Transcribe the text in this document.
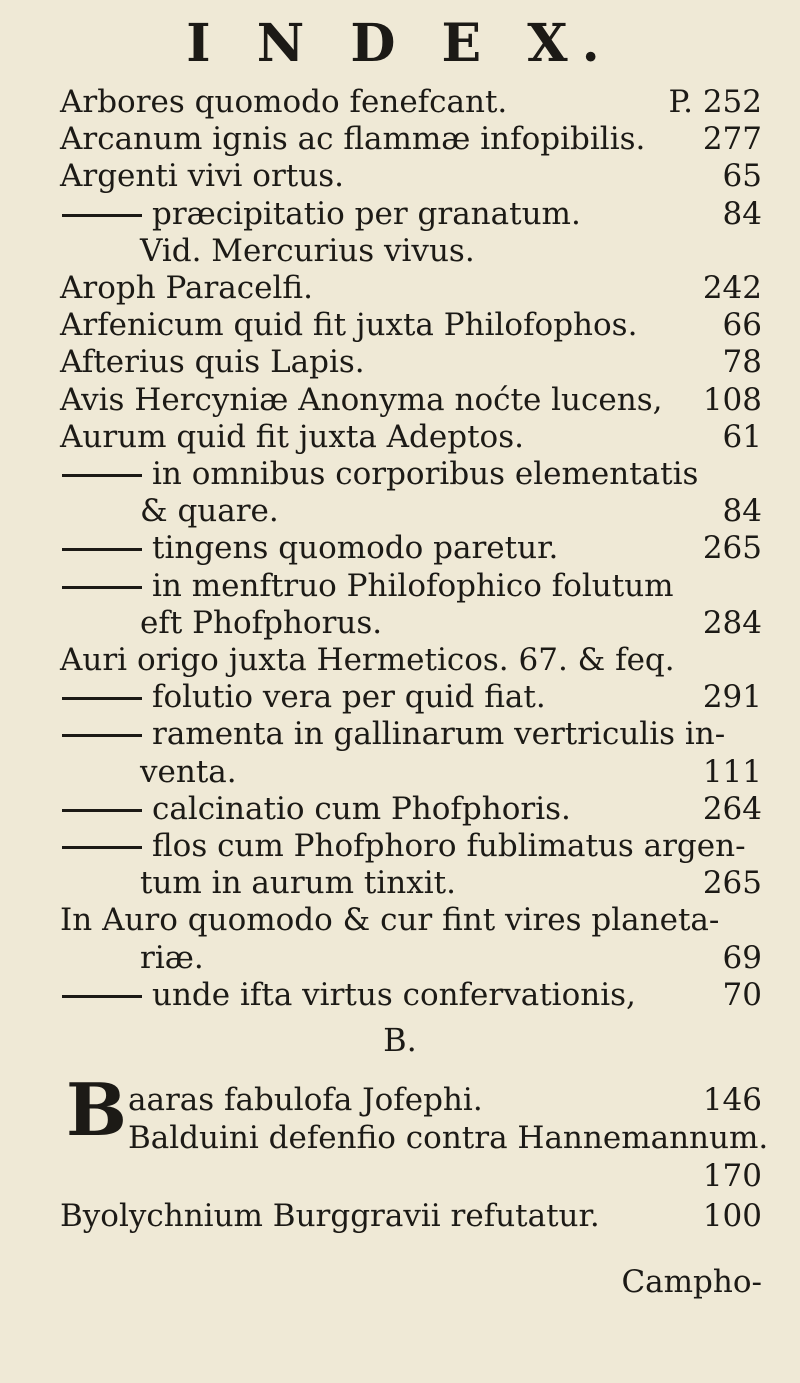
I N D E X.
Arbores quomodo fenefcant.	P. 252
Arcanum ignis ac flammæ infopibilis. 277
Argenti vivi ortus.	65
præcipitatio per granatum.	84
Vid. Mercurius vivus.
Aroph Paracelfi.	242
Arfenicum quid fit juxta Philofophos.	66
Afterius quis Lapis.	78
Avis Hercyniæ Anonyma noćte lucens, 108
Aurum quid fit juxta Adeptos.	61
in omnibus corporibus elementatis
& quare.	84
tingens quomodo paretur.	265
in menftruo Philofophico folutum
eft Phofphorus.	284
Auri origo juxta Hermeticos. 67. & feq.
folutio vera per quid fiat.	291
ramenta in gallinarum vertriculis in-
venta.	111
calcinatio cum Phofphoris.	264
flos cum Phofphoro fublimatus argen-
tum in aurum tinxit.	265
In Auro quomodo & cur fint vires planeta-
riæ.	69
unde ifta virtus confervationis,	70
B.
B aaras fabulofa Jofephi.	146
Balduini defenfio contra Hannemannum.
170
Byolychnium Burggravii refutatur.	100
Campho-
